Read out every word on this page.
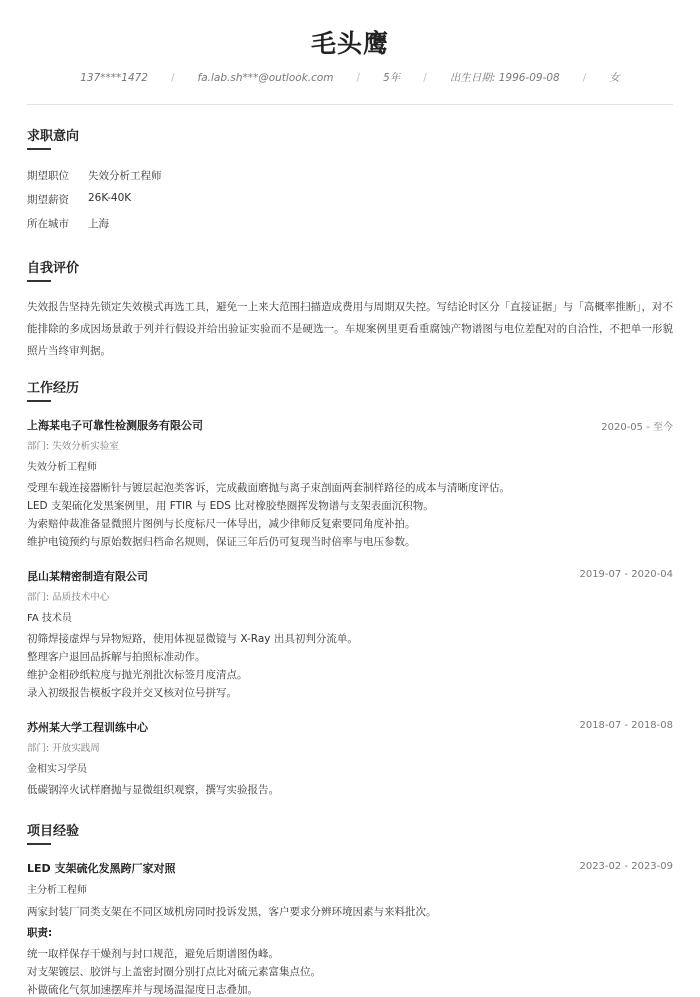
毛头鹰
137****1472 / fa.lab.sh***@outlook.com / 5年 / 出生日期: 1996-09-08 / 女
求职意向
期望职位	失效分析工程师
期望薪资	26K-40K
所在城市	上海
自我评价

失效报告坚持先锁定失效模式再选工具，避免一上来大范围扫描造成费用与周期双失控。写结论时区分「直接证据」与「高概率推断」，对不能排除的多成因场景敢于列并行假设并给出验证实验而不是硬选一。车规案例里更看重腐蚀产物谱图与电位差配对的自洽性，不把单一形貌照片当终审判据。

工作经历
上海某电子可靠性检测服务有限公司	2020-05 - 至今
部门: 失效分析实验室
失效分析工程师
受理车载连接器断针与镀层起泡类客诉，完成截面磨抛与离子束剖面两套制样路径的成本与清晰度评估。
LED 支架硫化发黑案例里，用 FTIR 与 EDS 比对橡胶垫圈挥发物谱与支架表面沉积物。
为索赔仲裁准备显微照片图例与长度标尺一体导出，减少律师反复索要同角度补拍。
维护电镜预约与原始数据归档命名规则，保证三年后仍可复现当时倍率与电压参数。
昆山某精密制造有限公司	2019-07 - 2020-04
部门: 品质技术中心
FA 技术员
初筛焊接虚焊与异物短路，使用体视显微镜与 X-Ray 出具初判分流单。
整理客户退回品拆解与拍照标准动作。
维护金相砂纸粒度与抛光剂批次标签月度清点。
录入初级报告模板字段并交叉核对位号拼写。
苏州某大学工程训练中心	2018-07 - 2018-08
部门: 开放实践周
金相实习学员
低碳钢淬火试样磨抛与显微组织观察，撰写实验报告。
项目经验
LED 支架硫化发黑跨厂家对照	2023-02 - 2023-09
主分析工程师
两家封装厂同类支架在不同区域机房同时投诉发黑，客户要求分辨环境因素与来料批次。
职责:
统一取样保存干燥剂与封口规范，避免后期谱图伪峰。
对支架镀层、胶饼与上盖密封圈分别打点比对硫元素富集点位。
补做硫化气氛加速摆库并与现场温湿度日志叠加。
